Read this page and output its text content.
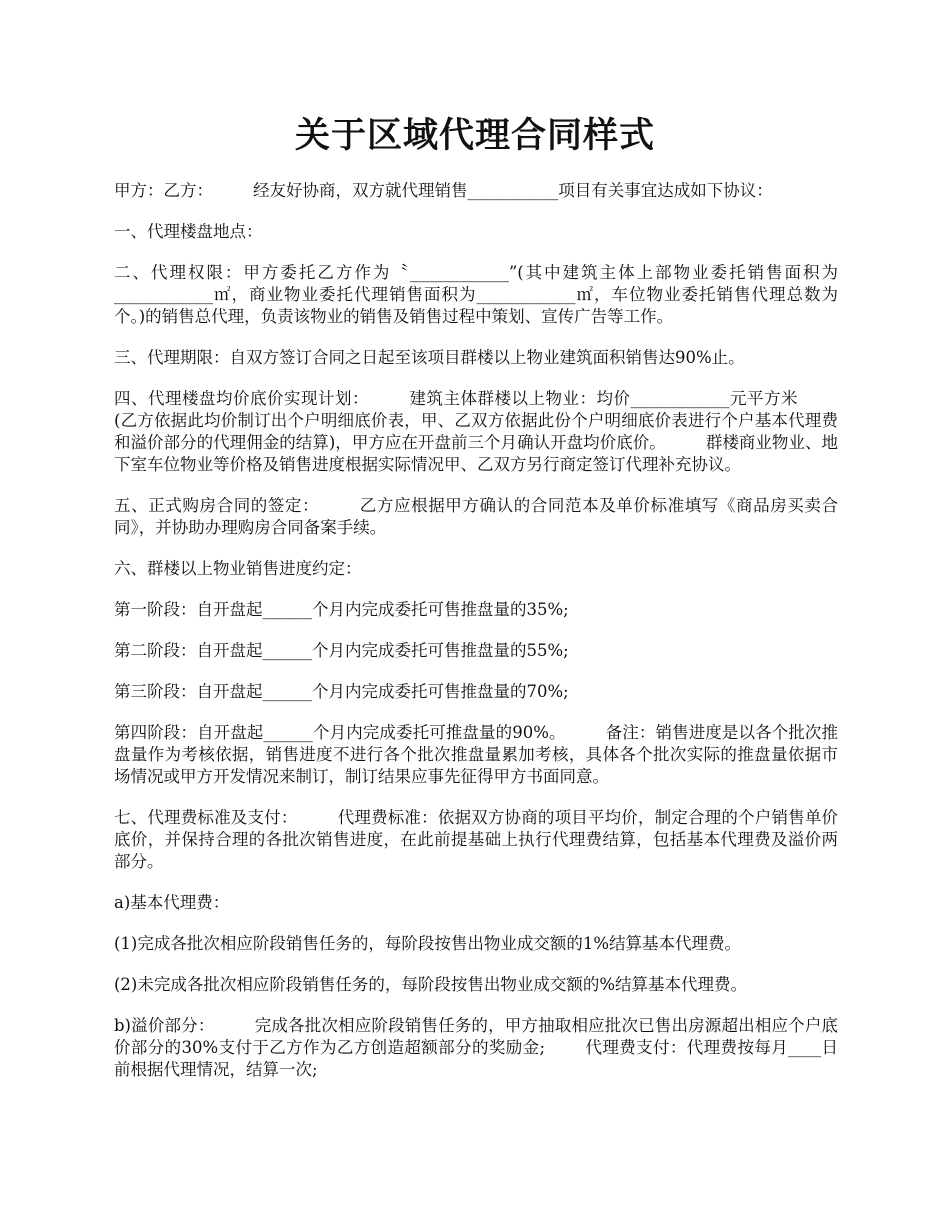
关于区域代理合同样式

甲方：乙方： 经友好协商，双方就代理销售___________项目有关事宜达成如下协议：

一、代理楼盘地点：

二、代理权限：甲方委托乙方作为〝____________”(其中建筑主体上部物业委托销售面积为____________㎡，商业物业委托代理销售面积为____________㎡，车位物业委托销售代理总数为个。)的销售总代理，负责该物业的销售及销售过程中策划、宣传广告等工作。

三、代理期限：自双方签订合同之日起至该项目群楼以上物业建筑面积销售达90%止。

四、代理楼盘均价底价实现计划： 建筑主体群楼以上物业：均价____________元平方米(乙方依据此均价制订出个户明细底价表，甲、乙双方依据此份个户明细底价表进行个户基本代理费和溢价部分的代理佣金的结算)，甲方应在开盘前三个月确认开盘均价底价。 群楼商业物业、地下室车位物业等价格及销售进度根据实际情况甲、乙双方另行商定签订代理补充协议。

五、正式购房合同的签定： 乙方应根据甲方确认的合同范本及单价标准填写《商品房买卖合同》，并协助办理购房合同备案手续。

六、群楼以上物业销售进度约定：

第一阶段：自开盘起______个月内完成委托可售推盘量的35%;

第二阶段：自开盘起______个月内完成委托可售推盘量的55%;

第三阶段：自开盘起______个月内完成委托可售推盘量的70%;

第四阶段：自开盘起______个月内完成委托可推盘量的90%。 备注：销售进度是以各个批次推盘量作为考核依据，销售进度不进行各个批次推盘量累加考核，具体各个批次实际的推盘量依据市场情况或甲方开发情况来制订，制订结果应事先征得甲方书面同意。

七、代理费标准及支付： 代理费标准：依据双方协商的项目平均价，制定合理的个户销售单价底价，并保持合理的各批次销售进度，在此前提基础上执行代理费结算，包括基本代理费及溢价两部分。

a)基本代理费：

(1)完成各批次相应阶段销售任务的，每阶段按售出物业成交额的1%结算基本代理费。

(2)未完成各批次相应阶段销售任务的，每阶段按售出物业成交额的%结算基本代理费。

b)溢价部分： 完成各批次相应阶段销售任务的，甲方抽取相应批次已售出房源超出相应个户底价部分的30%支付于乙方作为乙方创造超额部分的奖励金; 代理费支付：代理费按每月____日前根据代理情况，结算一次;
